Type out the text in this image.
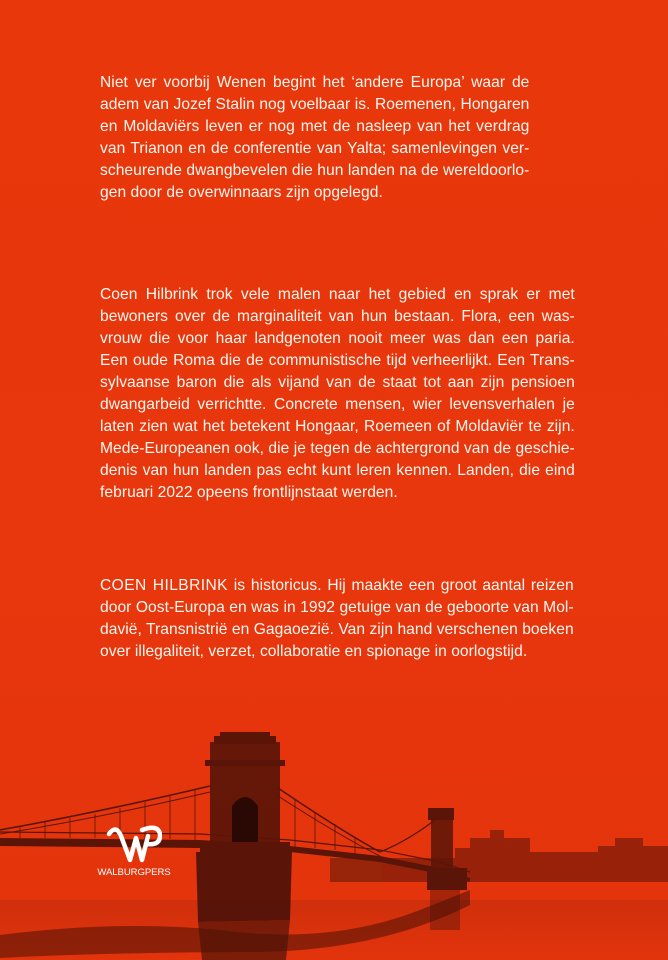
Niet ver voorbij Wenen begint het ‘andere Europa’ waar de
adem van Jozef Stalin nog voelbaar is. Roemenen, Hongaren
en Moldaviërs leven er nog met de nasleep van het verdrag
van Trianon en de conferentie van Yalta; samenlevingen ver-
scheurende dwangbevelen die hun landen na de wereldoorlo-
gen door de overwinnaars zijn opgelegd.
Coen Hilbrink trok vele malen naar het gebied en sprak er met
bewoners over de marginaliteit van hun bestaan. Flora, een was-
vrouw die voor haar landgenoten nooit meer was dan een paria.
Een oude Roma die de communistische tijd verheerlijkt. Een Trans-
sylvaanse baron die als vijand van de staat tot aan zijn pensioen
dwangarbeid verrichtte. Concrete mensen, wier levensverhalen je
laten zien wat het betekent Hongaar, Roemeen of Moldaviër te zijn.
Mede-Europeanen ook, die je tegen de achtergrond van de geschie-
denis van hun landen pas echt kunt leren kennen. Landen, die eind
februari 2022 opeens frontlijnstaat werden.
COEN HILBRINK is historicus. Hij maakte een groot aantal reizen
door Oost-Europa en was in 1992 getuige van de geboorte van Mol-
davië, Transnistrië en Gagaoezië. Van zijn hand verschenen boeken
over illegaliteit, verzet, collaboratie en spionage in oorlogstijd.
WALBURGPERS
